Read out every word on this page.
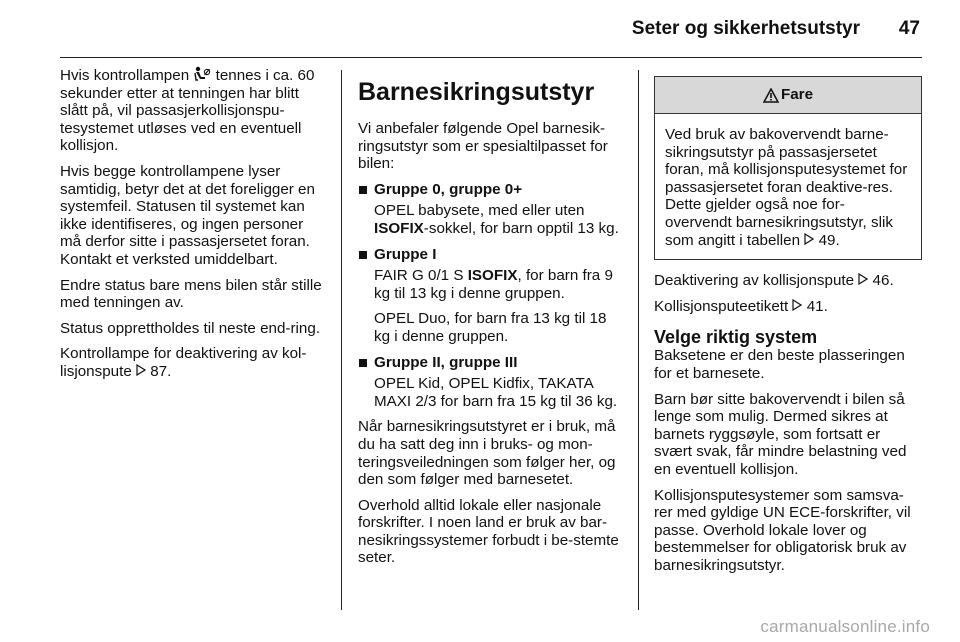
Seter og sikkerhetsutstyr 47

Hvis kontrollampen tennes i ca. 60 sekunder etter at tenningen har blitt slått på, vil passasjerkollisjonspu-tesystemet utløses ved en eventuell kollisjon.

Hvis begge kontrollampene lyser samtidig, betyr det at det foreligger en systemfeil. Statusen til systemet kan ikke identifiseres, og ingen personer må derfor sitte i passasjersetet foran. Kontakt et verksted umiddelbart.

Endre status bare mens bilen står stille med tenningen av.

Status opprettholdes til neste end-ring.

Kontrollampe for deaktivering av kol-lisjonspute 87.

Barnesikringsutstyr

Vi anbefaler følgende Opel barnesik-ringsutstyr som er spesialtilpasset for bilen:

Gruppe 0, gruppe 0+
OPEL babysete, med eller uten ISOFIX-sokkel, for barn opptil 13 kg.
Gruppe I
FAIR G 0/1 S ISOFIX, for barn fra 9 kg til 13 kg i denne gruppen.
OPEL Duo, for barn fra 13 kg til 18 kg i denne gruppen.
Gruppe II, gruppe III
OPEL Kid, OPEL Kidfix, TAKATA MAXI 2/3 for barn fra 15 kg til 36 kg.

Når barnesikringsutstyret er i bruk, må du ha satt deg inn i bruks- og mon-teringsveiledningen som følger her, og den som følger med barnesetet.

Overhold alltid lokale eller nasjonale forskrifter. I noen land er bruk av bar-nesikringssystemer forbudt i be-stemte seter.

Fare
Ved bruk av bakovervendt barne-sikringsutstyr på passasjersetet foran, må kollisjonsputesystemet for passasjersetet foran deaktive-res. Dette gjelder også noe for-overvendt barnesikringsutstyr, slik som angitt i tabellen 49.

Deaktivering av kollisjonspute 46.

Kollisjonsputeetikett 41.

Velge riktig system

Baksetene er den beste plasseringen for et barnesete.

Barn bør sitte bakovervendt i bilen så lenge som mulig. Dermed sikres at barnets ryggsøyle, som fortsatt er svært svak, får mindre belastning ved en eventuell kollisjon.

Kollisjonsputesystemer som samsva-rer med gyldige UN ECE-forskrifter, vil passe. Overhold lokale lover og bestemmelser for obligatorisk bruk av barnesikringsutstyr.

carmanualsonline.info
